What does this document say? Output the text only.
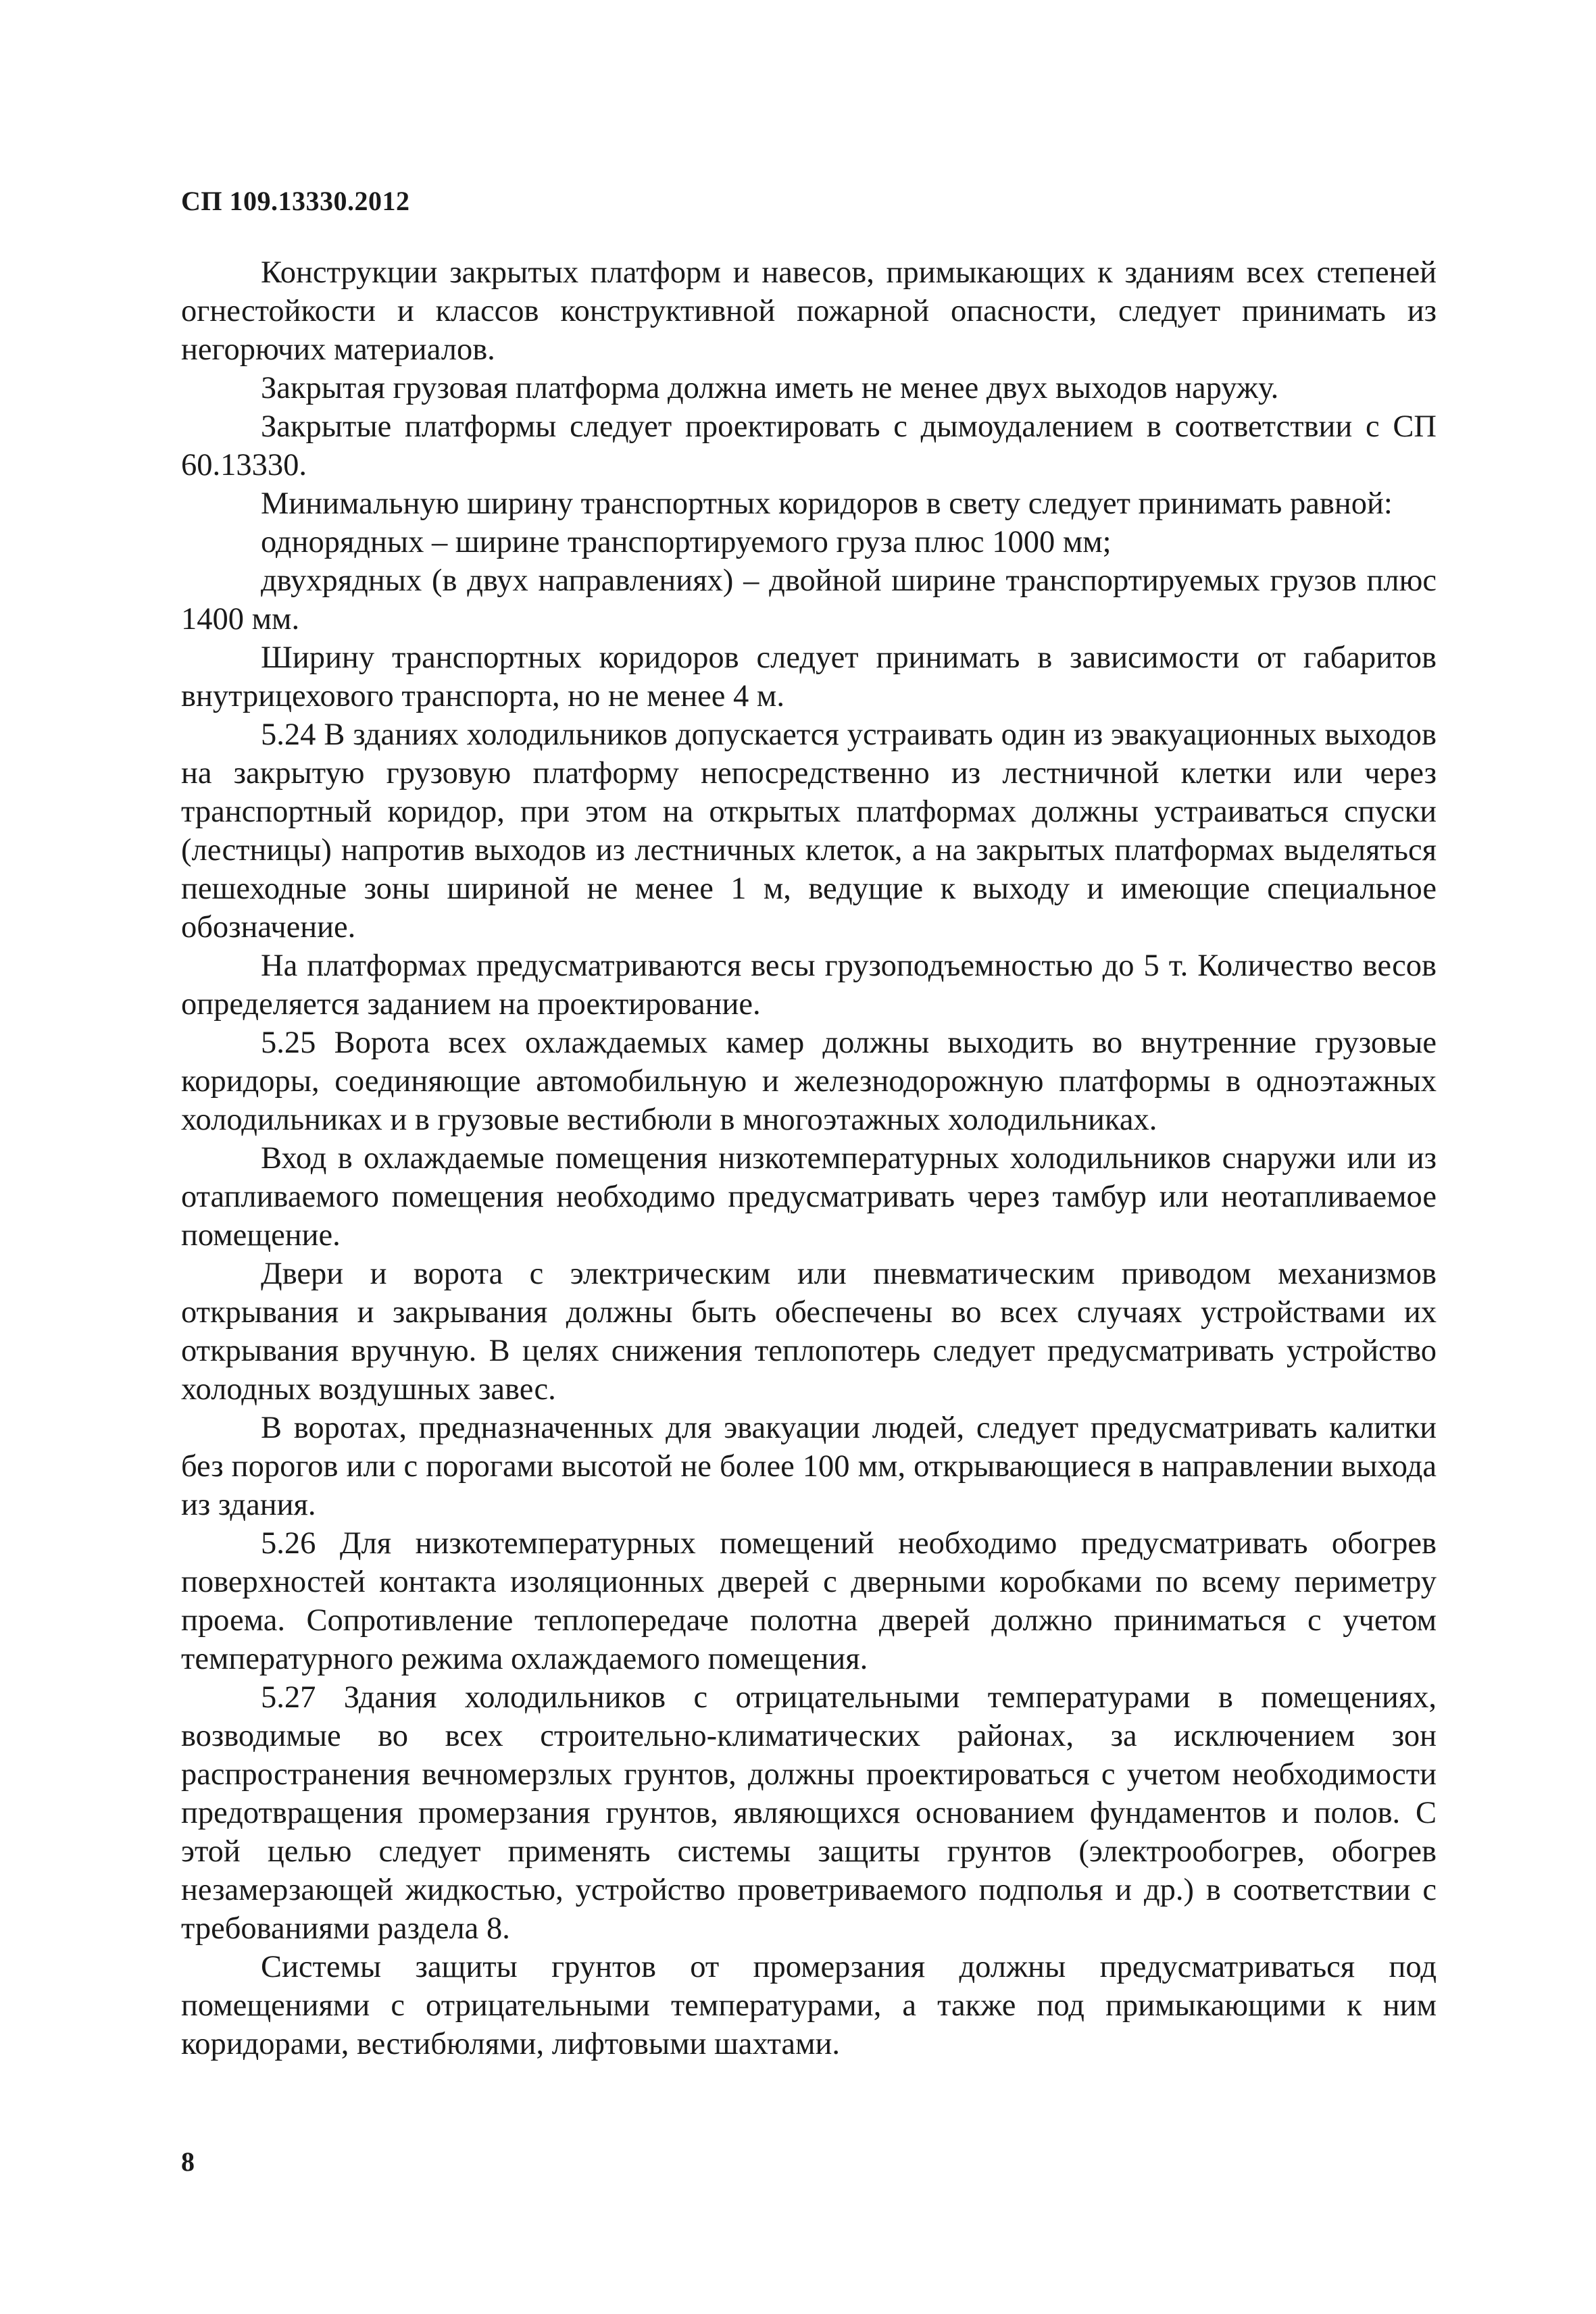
СП 109.13330.2012

Конструкции закрытых платформ и навесов, примыкающих к зданиям всех степеней огнестойкости и классов конструктивной пожарной опасности, следует принимать из негорючих материалов.

Закрытая грузовая платформа должна иметь не менее двух выходов наружу.

Закрытые платформы следует проектировать с дымоудалением в соответствии с СП 60.13330.

Минимальную ширину транспортных коридоров в свету следует принимать равной:

однорядных – ширине транспортируемого груза плюс 1000 мм;

двухрядных (в двух направлениях) – двойной ширине транспортируемых грузов плюс 1400 мм.

Ширину транспортных коридоров следует принимать в зависимости от габаритов внутрицехового транспорта, но не менее 4 м.

5.24 В зданиях холодильников допускается устраивать один из эвакуационных выходов на закрытую грузовую платформу непосредственно из лестничной клетки или через транспортный коридор, при этом на открытых платформах должны устраиваться спуски (лестницы) напротив выходов из лестничных клеток, а на закрытых платформах выделяться пешеходные зоны шириной не менее 1 м, ведущие к выходу и имеющие специальное обозначение.

На платформах предусматриваются весы грузоподъемностью до 5 т. Количество весов определяется заданием на проектирование.

5.25 Ворота всех охлаждаемых камер должны выходить во внутренние грузовые коридоры, соединяющие автомобильную и железнодорожную платформы в одноэтажных холодильниках и в грузовые вестибюли в многоэтажных холодильниках.

Вход в охлаждаемые помещения низкотемпературных холодильников снаружи или из отапливаемого помещения необходимо предусматривать через тамбур или неотапливаемое помещение.

Двери и ворота с электрическим или пневматическим приводом механизмов открывания и закрывания должны быть обеспечены во всех случаях устройствами их открывания вручную. В целях снижения теплопотерь следует предусматривать устройство холодных воздушных завес.

В воротах, предназначенных для эвакуации людей, следует предусматривать калитки без порогов или с порогами высотой не более 100 мм, открывающиеся в направлении выхода из здания.

5.26 Для низкотемпературных помещений необходимо предусматривать обогрев поверхностей контакта изоляционных дверей с дверными коробками по всему периметру проема. Сопротивление теплопередаче полотна дверей должно приниматься с учетом температурного режима охлаждаемого помещения.

5.27 Здания холодильников с отрицательными температурами в помещениях, возводимые во всех строительно-климатических районах, за исключением зон распространения вечномерзлых грунтов, должны проектироваться с учетом необходимости предотвращения промерзания грунтов, являющихся основанием фундаментов и полов. С этой целью следует применять системы защиты грунтов (электрообогрев, обогрев незамерзающей жидкостью, устройство проветриваемого подполья и др.) в соответствии с требованиями раздела 8.

Системы защиты грунтов от промерзания должны предусматриваться под помещениями с отрицательными температурами, а также под примыкающими к ним коридорами, вестибюлями, лифтовыми шахтами.

8
